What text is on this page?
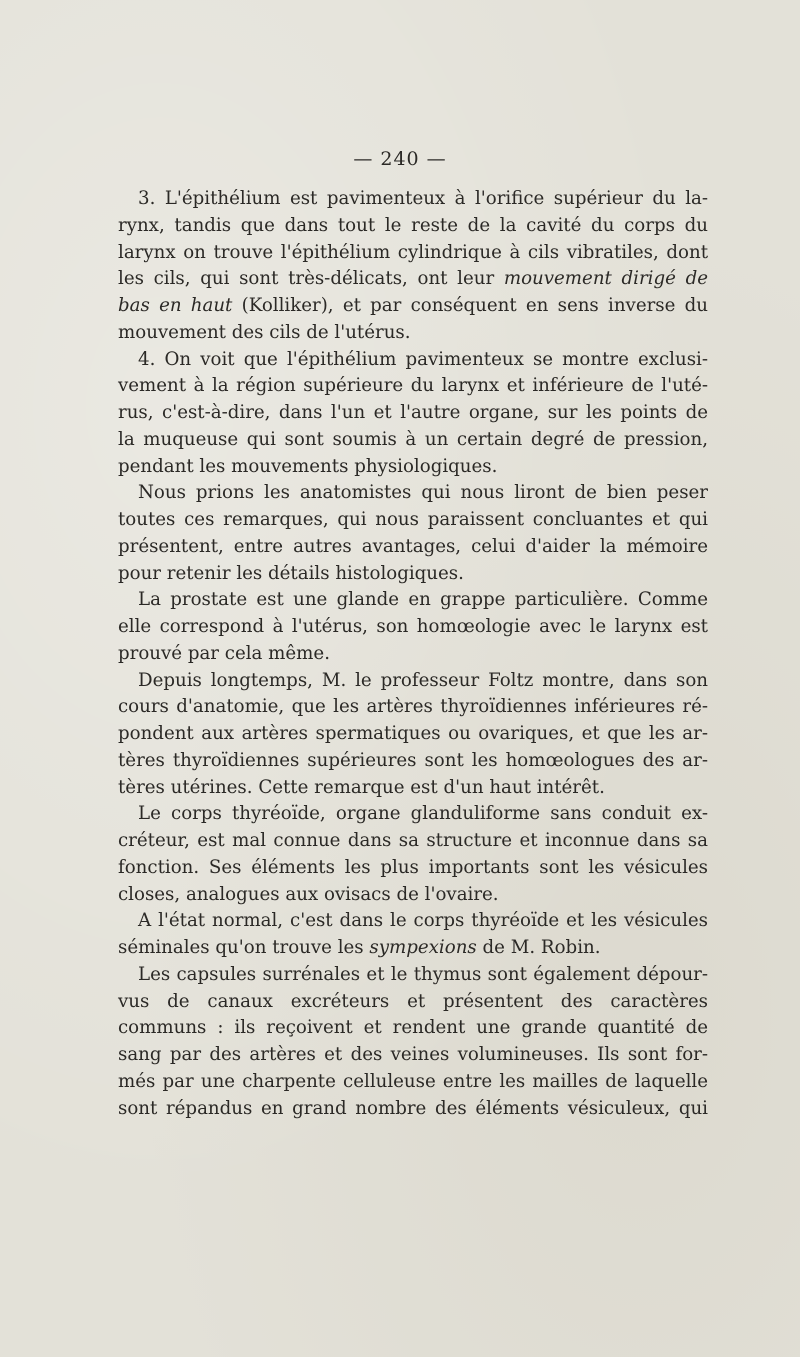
— 240 —
3. L'épithélium est pavimenteux à l'orifice supérieur du la-
rynx, tandis que dans tout le reste de la cavité du corps du
larynx on trouve l'épithélium cylindrique à cils vibratiles, dont
les cils, qui sont très-délicats, ont leur mouvement dirigé de
bas en haut (Kolliker), et par conséquent en sens inverse du
mouvement des cils de l'utérus.
4. On voit que l'épithélium pavimenteux se montre exclusi-
vement à la région supérieure du larynx et inférieure de l'uté-
rus, c'est-à-dire, dans l'un et l'autre organe, sur les points de
la muqueuse qui sont soumis à un certain degré de pression,
pendant les mouvements physiologiques.
Nous prions les anatomistes qui nous liront de bien peser
toutes ces remarques, qui nous paraissent concluantes et qui
présentent, entre autres avantages, celui d'aider la mémoire
pour retenir les détails histologiques.
La prostate est une glande en grappe particulière. Comme
elle correspond à l'utérus, son homœologie avec le larynx est
prouvé par cela même.
Depuis longtemps, M. le professeur Foltz montre, dans son
cours d'anatomie, que les artères thyroïdiennes inférieures ré-
pondent aux artères spermatiques ou ovariques, et que les ar-
tères thyroïdiennes supérieures sont les homœologues des ar-
tères utérines. Cette remarque est d'un haut intérêt.
Le corps thyréoïde, organe glanduliforme sans conduit ex-
créteur, est mal connue dans sa structure et inconnue dans sa
fonction. Ses éléments les plus importants sont les vésicules
closes, analogues aux ovisacs de l'ovaire.
A l'état normal, c'est dans le corps thyréoïde et les vésicules
séminales qu'on trouve les sympexions de M. Robin.
Les capsules surrénales et le thymus sont également dépour-
vus de canaux excréteurs et présentent des caractères
communs : ils reçoivent et rendent une grande quantité de
sang par des artères et des veines volumineuses. Ils sont for-
més par une charpente celluleuse entre les mailles de laquelle
sont répandus en grand nombre des éléments vésiculeux, qui
